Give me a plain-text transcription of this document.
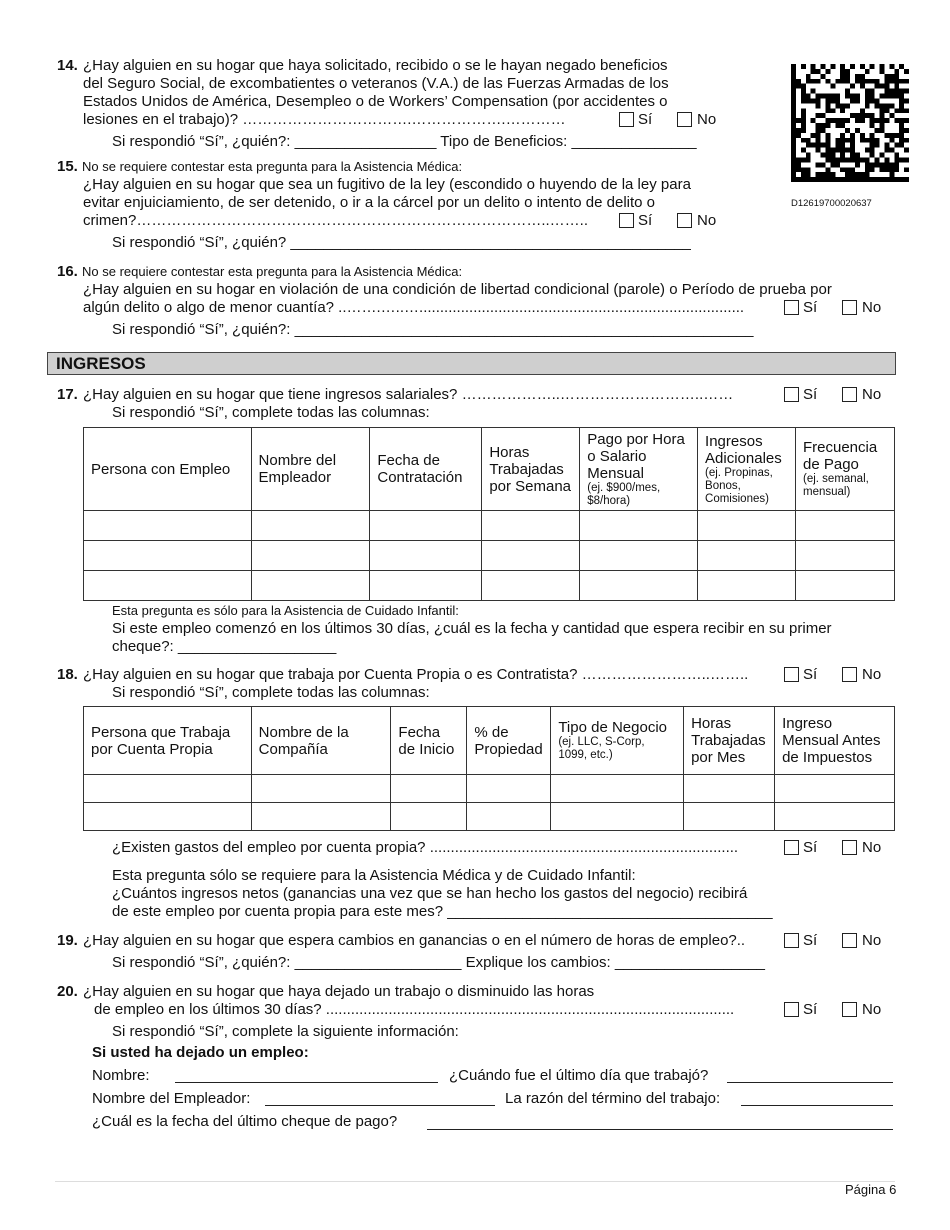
D12619700020637
14. ¿Hay alguien en su hogar que haya solicitado, recibido o se le hayan negado beneficios
del Seguro Social, de excombatientes o veteranos (V.A.) de las Fuerzas Armadas de los
Estados Unidos de América, Desempleo o de Workers’ Compensation (por accidentes o
lesiones en el trabajo)? …………………………….……………….…………	Sí	No
Si respondió “Sí”, ¿quién?: _________________ Tipo de Beneficios: _______________
15. No se requiere contestar esta pregunta para la Asistencia Médica:
¿Hay alguien en su hogar que sea un fugitivo de la ley (escondido o huyendo de la ley para
evitar enjuiciamiento, de ser detenido, o ir a la cárcel por un delito o intento de delito o
crimen?………………………………………………………………………..……..	Sí	No
Si respondió “Sí”, ¿quién? ________________________________________________
16. No se requiere contestar esta pregunta para la Asistencia Médica:
¿Hay alguien en su hogar en violación de una condición de libertad condicional (parole) o Período de prueba por
algún delito o algo de menor cuantía? ..…….…..…..............................................................................	Sí	No
Si respondió “Sí”, ¿quién?: _______________________________________________________
INGRESOS
17. ¿Hay alguien en su hogar que tiene ingresos salariales? ………………..………………………..……	Sí	No
Si respondió “Sí”, complete todas las columnas:
Persona con Empleo	Nombre del Empleador	Fecha de Contratación	Horas Trabajadas por Semana	Pago por Hora o Salario Mensual
(ej. $900/mes, $8/hora)	Ingresos Adicionales
(ej. Propinas, Bonos, Comisiones)	Frecuencia de Pago
(ej. semanal, mensual)

Esta pregunta es sólo para la Asistencia de Cuidado Infantil:
Si este empleo comenzó en los últimos 30 días, ¿cuál es la fecha y cantidad que espera recibir en su primer
cheque?: ___________________
18. ¿Hay alguien en su hogar que trabaja por Cuenta Propia o es Contratista? ……………………..……..	Sí	No
Si respondió “Sí”, complete todas las columnas:
Persona que Trabaja por Cuenta Propia	Nombre de la Compañía	Fecha de Inicio	% de Propiedad	Tipo de Negocio
(ej. LLC, S-Corp, 1099, etc.)	Horas Trabajadas por Mes	Ingreso Mensual Antes de Impuestos

¿Existen gastos del empleo por cuenta propia? ..........................................................................	Sí	No
Esta pregunta sólo se requiere para la Asistencia Médica y de Cuidado Infantil:
¿Cuántos ingresos netos (ganancias una vez que se han hecho los gastos del negocio) recibirá
de este empleo por cuenta propia para este mes? _______________________________________
19. ¿Hay alguien en su hogar que espera cambios en ganancias o en el número de horas de empleo?..	Sí	No
Si respondió “Sí”, ¿quién?: ____________________ Explique los cambios: __________________
20. ¿Hay alguien en su hogar que haya dejado un trabajo o disminuido las horas
de empleo en los últimos 30 días? ..................................................................................................	Sí	No
Si respondió “Sí”, complete la siguiente información:
Si usted ha dejado un empleo:
Nombre:	¿Cuándo fue el último día que trabajó?
Nombre del Empleador:	La razón del término del trabajo:
¿Cuál es la fecha del último cheque de pago?
Página 6
